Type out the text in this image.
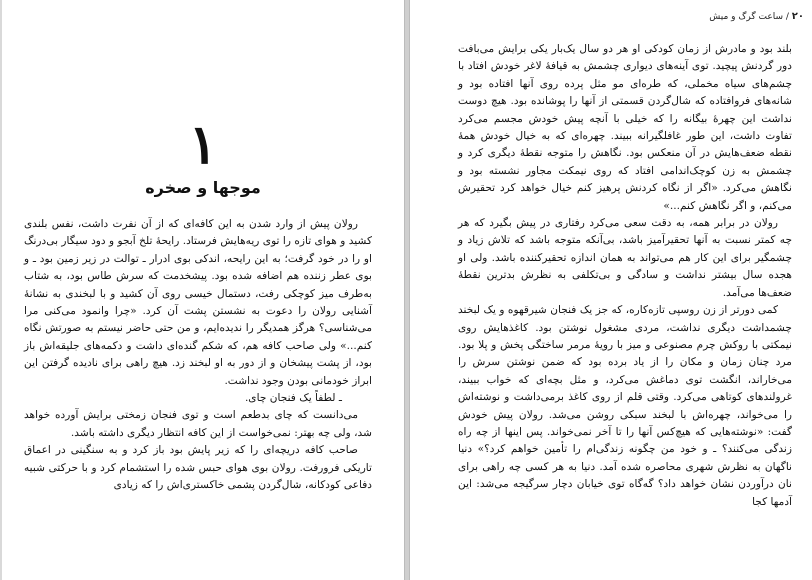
۱
موجها و صخره

رولان پیش از وارد شدن به این کافه‌ای که از آن نفرت داشت، نفس بلندی کشید و هوای تازه را توی ریه‌هایش فرستاد. رایحهٔ تلخ آبجو و دود سیگار بی‌درنگ او را در خود گرفت؛ به این رایحه، اندکی بوی ادرار ـ توالت در زیر زمین بود ـ و بوی عطر زننده هم اضافه شده بود. پیشخدمت که سرش طاس بود، به شتاب به‌طرف میز کوچکی رفت، دستمال خیسی روی آن کشید و با لبخندی به نشانهٔ آشنایی رولان را دعوت به نشستن پشت آن کرد. «چرا وانمود می‌کنی مرا می‌شناسی؟ هرگز همدیگر را ندیده‌ایم، و من حتی حاضر نیستم به صورتش نگاه کنم...» ولی صاحب کافه هم، که شکم گنده‌ای داشت و دکمه‌های جلیقه‌اش باز بود، از پشت پیشخان و از دور به او لبخند زد. هیچ راهی برای نادیده گرفتن این ابراز خودمانی بودن وجود نداشت.

ـ لطفاً یک فنجان چای.

می‌دانست که چای بدطعم است و توی فنجان زمختی برایش آورده خواهد شد، ولی چه بهتر: نمی‌خواست از این کافه انتظار دیگری داشته باشد.

صاحب کافه دریچه‌ای را که زیر پایش بود باز کرد و به سنگینی در اعماق تاریکی فرورفت. رولان بوی هوای حبس شده را استشمام کرد و با حرکتی شبیه دفاعی کودکانه، شال‌گردن پشمی خاکستری‌اش را که زیادی

۲۰ / ساعت گرگ و میش

بلند بود و مادرش از زمان کودکی او هر دو سال یک‌بار یکی برایش می‌بافت دور گردنش پیچید. توی آینه‌های دیواری چشمش به قیافهٔ لاغر خودش افتاد با چشم‌های سیاه مخملی، که طره‌ای مو مثل پرده روی آنها افتاده بود و شانه‌های فروافتاده که شال‌گردن قسمتی از آنها را پوشانده بود. هیچ دوست نداشت این چهرهٔ بیگانه را که خیلی با آنچه پیش خودش مجسم می‌کرد تفاوت داشت، این طور غافلگیرانه ببیند. چهره‌ای که به خیال خودش همهٔ نقطه ضعف‌هایش در آن منعکس بود. نگاهش را متوجه نقطهٔ دیگری کرد و چشمش به زن کوچک‌اندامی افتاد که روی نیمکت مجاور نشسته بود و نگاهش می‌کرد. «اگر از نگاه کردنش پرهیز کنم خیال خواهد کرد تحقیرش می‌کنم، و اگر نگاهش کنم...»

رولان در برابر همه، به دقت سعی می‌کرد رفتاری در پیش بگیرد که هر چه کمتر نسبت به آنها تحقیرآمیز باشد، بی‌آنکه متوجه باشد که تلاش زیاد و چشمگیر برای این کار هم می‌تواند به همان اندازه تحقیرکننده باشد. ولی او هجده سال بیشتر نداشت و سادگی و بی‌تکلفی به نظرش بدترین نقطهٔ ضعف‌ها می‌آمد.

کمی دورتر از زن روسپی تازه‌کاره، که جز یک فنجان شیرقهوه و یک لبخند چشمداشت دیگری نداشت، مردی مشغول نوشتن بود. کاغذهایش روی نیمکتی با روکش چرم مصنوعی و میز با رویهٔ مرمر ساختگی پخش و پلا بود. مرد چنان زمان و مکان را از یاد برده بود که ضمن نوشتن سرش را می‌خاراند، انگشت توی دماغش می‌کرد، و مثل بچه‌ای که خواب ببیند، غرولندهای کوتاهی می‌کرد. وقتی قلم از روی کاغذ برمی‌داشت و نوشته‌اش را می‌خواند، چهره‌اش با لبخند سبکی روشن می‌شد. رولان پیش خودش گفت: «نوشته‌هایی که هیچ‌کس آنها را تا آخر نمی‌خواند. پس اینها از چه راه زندگی می‌کنند؟ ـ و خود من چگونه زندگی‌ام را تأمین خواهم کرد؟» دنیا ناگهان به نظرش شهری محاصره شده آمد. دنیا به هر کسی چه راهی برای نان درآوردن نشان خواهد داد؟ گه‌گاه توی خیابان دچار سرگیجه می‌شد: این آدمها کجا
